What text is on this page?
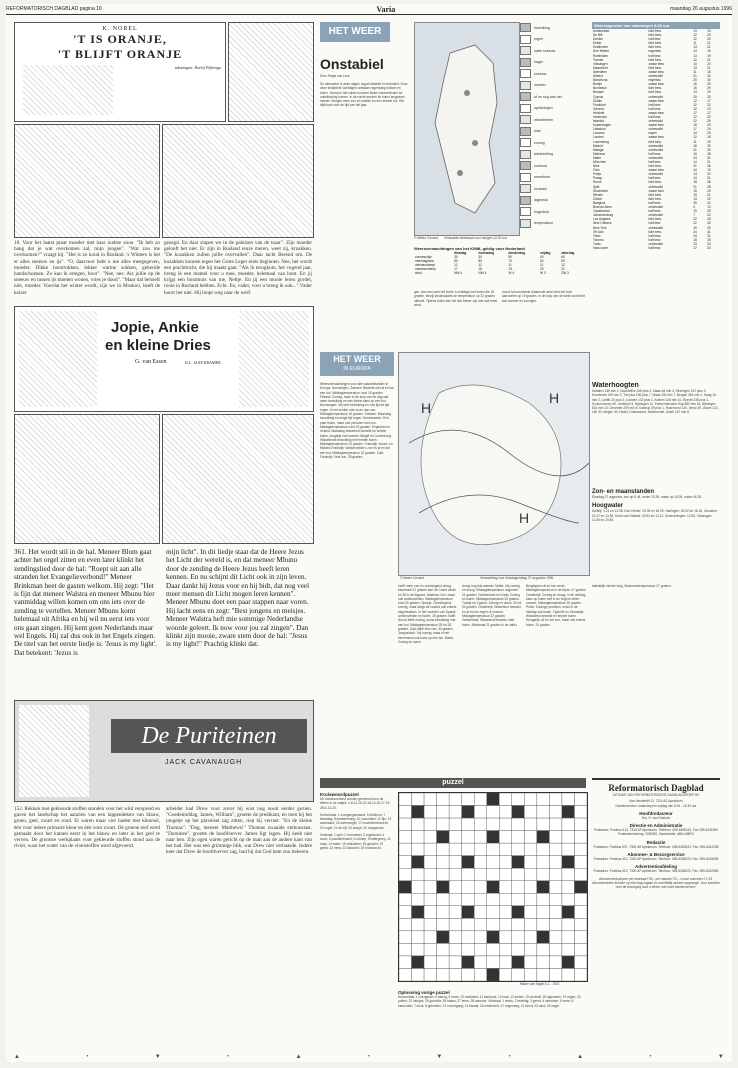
REFORMATORISCH DAGBLAD pagina 10	Varia	maandag 26 augustus 1996
K. NOREL
'T IS ORANJE,
'T BLIJFT ORANJE
tekeningen: Roelof Wijbenga
18. Voor het laatst praat moeder met haar oudste zoon. "Ik heb zo bang dat je wat overkomen zal, mijn jongen". "Wat zou me overkomen?" vraagt hij. "Het is zo koud in Rusland. 's Winters is het er alles sneeuw en ijs". "O, daarvoor hebt u me alles meegegeven, moeder. Dikke borstrokken, lekker warme sokken, gebreide handschoenen. Zo kan ik ertegen, hoor". "Nee, nee. Als jullie op de sneeuw en tussen ijs moeten wonen, vries je dood". "Maar dat behoeft niet, moeder. Voordat het winter wordt, zijn we in Moskou, heeft de keizer
gezegd. En daar slapen we in de paleizen van de tsaar". Zijn moeder gelooft het niet. Er zijn in Rusland reuze meren, weet zij, kroakken. "De kozakken zullen jullie overvallen". Daar lacht Berend om. De kozakken kunnen tegen het Grote Leger niets beginnen. Nee, het wordt een prachttocht, die hij maakt gaat. "Als ik terugkom, het vogend jaar, breng ik een mantel voor u mee, moeder, helemaal van bont. En jij krijgt een bontmuts van me, Nettje. En jij een mooie leren gordel, rooie in Rusland hebben. Echt. En, vader, voor u breng ik ook..." Vader hoort het niet. Hij loopt weg naar de werf.
Jopie, Ankie
en kleine Dries
G. van Essen	ILL. JAAP KRAMER
361. Het wordt stil in de hal. Meneer Blom gaat achter het orgel zitten en even later klinkt het zendingslied door de hal: "Roept uit aan alle stranden het Evangelieverbond!" Meneer Brinkman heet de gasten welkom. Hij zegt: "Het is fijn dat meneer Walstra en meneer Mbunu hier vanmiddag willen komen om ons iets over de zending te vertellen. Meneer Mbunu komt helemaal uit Afrika en hij wil nu eerst iets voor ons gaan zingen. Hij kent geen Nederlands maar wel Engels. Hij zal dus ook in het Engels zingen. De titel van het eerste liedje is: 'Jesus is my light'. Dat betekent: 'Jezus is
mijn licht". In dit liedje staat dat de Heere Jezus het Licht der wereld is, en dat meneer Mbunu door de zending de Heere Jezus heeft leren kennen. En nu schijnt dit Licht ook in zijn leven. Daar dankt hij Jezus voor en hij bidt, dat nog veel meer mensen dit Licht mogen leren kennen". Meneer Mbunu doet een paar stappen naar voren. Hij lacht eens en zegt: "Best jongens en meisjes. Meneer Walstra heft mie sommige Nederlandse woorde geleert. Ik now voor jou zal zingen". Dan klinkt zijn mooie, zware stem door de hal: "Jesus is my light!" Prachtig klinkt dat.
De Puriteinen
JACK CAVANAUGH
152. Rekken met gekleurde stoffen stonden voor het wild verspreid en gaven het landschap het aanzien van een lappendeken van blauw, groen, geel, zwart en rood. Er waren maar vier baden met kleursel, één voor iedere primaire kleur en één voor zwart. De groene stof werd gemaakt door het katoen eerst in het blauw en later in het geel te verven. De grootste werkplaats voor gekleurde stoffen stond aan de rivier, waar het water van de vloeistoffen werd afgevoerd.
arbeider had Drew voor zover hij wist nog nooit eerder gezien. "Goedemiddag, James, William", groette de predikant, en toen hij het jongetje op het plaveisel zag zitten, riep hij verrast: "En de kleine Thomas". "Dag, meneer Matthews!" Thomas zwaaide enthousiast. "Dominee", groette de hoofdverver. James ligt lagen. Hij keek niet naar hen. Zijn ogen waren gericht op de man aan de andere kant van het bad. Het was een grimmige blik, wat Drew niet verbaasde. Iedere keer dat Drew de hoofdverver zag, bad hij dat God hem zou bekeren.
HET WEER
Onstabiel
Door Helga van Leur
De atmosfeer is deze dagen nogal instabiel en turbulent. Door deze instabiele luchtlagen ontstaan regelmatig wolken en buien. Vooral in het zuiden kunnen flinke onweersbuien tot ontwikkeling komen. In de nacht worden de buien langzaam minder. Morgen weer zon en wolken en een enkele bui. Het blijft koel voor de tijd van het jaar.
Verwachte weerkaart voor morgen 12.00 uur
© Meteo Consult
bewolking
regen
natte sneeuw
hagel
sneeuw
onweer
of ze nog aan het
opklaringen
windstreken
mist
zonnig
windrichting
koufront
warmfront
occlusie
lagedruk
hogedruk
temperatuur
Weerrapporten van vanmorgen 8.00 uur
Amsterdam	licht bew.	13	19
De Bilt	licht bew.	12	20
Deelen	half bew.	12	20
Eelde	licht bew.	11	21
Eindhoven	licht bew.	13	21
Den Helder	regenbui	14	19
Rotterdam	half bew.	13	19
Twente	licht bew.	12	21
Vlissingen	zwaar bew.	14	20
Maastricht	licht bew.	13	21
Aberdeen	zwaar bew.	11	15
Athene	onbewolkt	21	32
Barcelona	regenbui	20	30
Berlijn	zwaar bew.	16	23
Bordeaux	licht bew.	16	29
Brussel	licht bew.	13	20
Cyprus	onbewolkt	25	33
Dublin	zwaar bew.	12	17
Frankfurt	half bew.	12	22
Genève	half bew.	12	23
Helsinki	zwaar bew.	17	17
Innsbruck	half bew.	12	22
Istanbul	onbewolkt	22	29
Kopenhagen	zwaar bew.	15	20
Lissabon	onbewolkt	17	24
Locarno	regen	14	25
Londen	zwaar bew.	12	18
Luxemburg	licht bew.	11	19
Madrid	onbewolkt	18	32
Malaga	onbewolkt	21	29
Mallorca	half bew.	19	28
Malta	onbewolkt	24	31
München	half bew.	14	21
Nice	licht bew.	21	26
Oslo	zwaar bew.	14	19
Parijs	onbewolkt	13	22
Praag	half bew.	14	21
Rome	licht bew.	18	28
Split	onbewolkt	21	28
Stockholm	zwaar bew.	15	20
Wenen	licht bew.	15	21
Zürich	licht bew.	13	20
Bangkok	half bew.	25	32
Buenos Aires	onbewolkt	4	13
Casablanca	half bew.	19	25
Johannesburg	onbewolkt	7	22
Los Angeles	licht bew.	22	28
New Orleans	half bew.	22	33
New York	onbewolkt	19	29
Tel Aviv	licht bew.	24	31
Tokio	half bew.	24	31
Toronto	half bew.	15	25
Tunis	onbewolkt	23	33
Vancouver	half bew.	17	23
Weersverwachtingen van het KNMI, geldig voor Nederland
	dinsdag	woensdag	donderdag	vrijdag	zaterdag
zonneschijn	30	30	50	40	60
neerslagkans	80	80	70	60	50
minimumtemp	12	12	11	11	12
maximumtemp	17	18	19	20	21
wind	NW 4	NW 4	W 4	W 3	ZW 3
gen. Aan een kant het koele 's middags met buien die 18 graden, terwijl landinwaarts de temperatuur op 22 graden uitkomt. Tijdens buien kan het iets frisser zijn met wat meer wind.
noord tot noordwest draaiende wind doet het koel aanvoelen op 19 graden. In de loop van de week wordt het wat warmer en zonniger.
HET WEER
IN EUROPA
Weersverwachtingen voor alle vakantielanden in Europa. Noorwegen, Zweden: Bewolkt met af en toe een bui. Middagtemperatuur rond 15 graden. Finland: Zonnig, maar in de loop van de dag wat meer bewolking en een kleine kans op een bui. Noorwegen: Vrij veel bewolking en van tijd tot tijd regen. In het zuiden ook nu en dan zon. Middagtemperatuur 16 graden. Zweden: Maandag bewolking en enige tijd regen. Denemarken: Een paar buien, maar ook perioden met zon. Middagtemperatuur rond 20 graden. Engeland en Ierland: Maandag wisselend bewolkt en enkele buien, mogelijk met onweer. België en Luxemburg: Wisselende bewolking met enkele buien. Middagtemperatuur 20 graden. Frankrijk: Noord- en Midden-Frankrijk: Wolkenvelden, zon en af en toe een bui. Middagtemperatuur 22 graden. Zuid-Frankrijk: Veel zon, 28 graden.
H
H
H
© Meteo Consult	Verwachting voor dinsdagmiddag 27 augustus 1996
heeft meer zon en overwegend droog. Maximaal 21 graden aan de Costa Verde en 28 in de Algarve. Madeira: Zon, maar ook wolkenvelden. Middagtemperatuur rond 25 graden. Spanje: Overwegend zonnig, maar langs de costa's ook enkele stapelwolken. In het noorden van Spanje wolkenvelden en buien, 26 graden. Italië: Noord-Italië zonnig, soms bewolking met een bui. Middagtemperatuur 25 tot 28 graden. Zuid-Italië veel zon, 30 graden. Joegoslavië: Vrij zonnig, maar in het binnenland ook kans op een bui. Malta: Zonnig en warm.
droog nog iets warmer. Malta: Vrij zonnig en droog. Middagtemperatuur ongeveer 31 graden. Griekenland en Kreta: Zonnig en warm. Middagtemperatuur 29 graden. Turkije en Cyprus: Zonnig en warm, 30 tot 34 graden. Oostenrijk: Wisselend bewolkt en af en toe regen of onweer. Middagtemperatuur 22 graden. Zwitserland: Wisselend bewolkt, later buien. Maximaal 21 graden in de vallei.
Bergtoppen af en toe nevel. Middagtemperatuur in de Alpen 17 graden. Oostenrijk: Zonnig en droog, in de middag kans op buien met in de hogere delen onweer. Middagtemperatuur 25 graden. Polen: Zonnige perioden, maar in de middag ook buien. Tsjechië en Slowakije: Wisselend bewolkt en enkele buien. Hongarije: Af en toe zon, maar ook enkele buien. 24 graden.
laatstelijk minder bulg. Maximumtemperatuur 27 graden.
Waterhoogten
Kanalen 245 min 2, Noordelike 245 plus 2, Maas 4d min 3, Reclingen 102 plus 3, Hombroek 249 min 2, Tiel plus 156 plus 7, Maas 330 min 7, Bergen 364 min 1, Haag 16 min 2, Lobith 20 plus 3, Lochem 132 plus 1, Kottem 128 min 10, Roede 236 plus 1, Schoonhoven 40, Limbricht 4, Nijmegen 10, Pannerdensche Kop 883 min 16, Nijmegen 631 min 14, Deventer 259 min 8, Kastrup 39 plus 1, Roermond 130, Venlo 39, Grave 122, Lith 40, Megen 40, Hedel, Dodewaard, Zaltbommel, IJssel 247 min 8.
Zon- en maanstanden
Dinsdag 27 augustus, zon op 6.44, onder 20.36, maan op 19.09, onder 04.35.
Hoogwater
Delfzijl: 1.21 en 13.36. Den Helder: 03.39 en 16.09. Harlingen: 03.52 en 16.18, IJmuiden: 01.47 en 13.54, Hoek van Holland: 00.54 en 13.12, Scheveningen: 12.56, Vlissingen: 11.50 en 23.58.
puzzel
Kruiswoordpuzzel
De doodsvoorkeur worden genoemd door de letters in de vakjes: 4-8-11-15-20-18-10-15-27-19-28-5-14-25.
Horizontaal: 1 overgangsmaand; 5 lichtbron; 7 feestdag; 8 toestemming; 10 voorzetsel; 12 fijn; 13 wateraard; 16 zwemvogel; 17 muziekinstrument; 20 vogel; 21 de vijf; 24 dorpje; 26 voegwoord.
Verticaal: 1 spel; 2 voorzetsel; 3 vogelsoort; 4 soort; 5 paardenkracht; 6 uitroep; 9 lettergreep; 11 raad; 14 water; 15 mislukken; 18 gewicht; 19 geest; 22 eens; 23 lidwoord; 25 kruiswoord.
Maker van Sagel 5-1 - 1913
Oplossing vorige puzzel
Horizontaal: 1 overgaven; 6 baring; 9 innen; 10 nachtslot; 11 startpunt; 12 kras; 13 zeden; 15 noverall; 18 algemeen; 19 regen; 20 potten; 22 intriges; 25 guerrilla; 26 baaks; 27 leren; 28 aanvoer. Verticaal: 1 reeds; 2 beleidig; 3 genot; 4 verbuiten; 5 rente; 6 bankroete; 7 kruis; 8 gebruiker; 13 vruchtgang; 14 fiscaal; 16 nederland; 17 ongenoeg; 21 trend; 23 rand; 24 kegel.
Reformatorisch Dagblad
UITGAVE VAN REFORMATORISCHE DAGBLADGROEP BV
Van Vanderbilt 11, 7204 AZ Apeldoorn
Klantenservice: maandag t/m vrijdag van 8.00 - 16.30 uur
Hoofdredacteur
Drs. H. van Dokkum
Directie en Administratie
Postadres: Postbus 613, 7300 AP Apeldoorn. Telefoon: 055-5495222, Fax 055-5431590 Postbankrekening: 2050981. Bankrelatie: ABN-AMRO
Redactie
Postadres: Postbus 670, 7300 AR Apeldoorn. Telefoon: 055-5495222, Fax: 055-5412288
Abonnee- & Bezorgservice
Postadres: Postbus 613, 7300 AP Apeldoorn. Telefoon: 055-5495222, Fax: 055-5415089
Advertentieafdeling
Postadres: Postbus 613, 7300 AP Apeldoorn. Telefoon: 055-5495222, Fax: 055-5432555
Abonnementsprijzen per kwartaal f 60,- per maand f 20,-. Losse nummers f 1,35. Abonnementen kunnen op elke dag ingaan en schriftelijk worden opgezegd. Voor klachten over de bezorging kunt u bellen met onze klantenservice.
▲	•	▼	•	▲	•	▼	•	▲	•	▼
